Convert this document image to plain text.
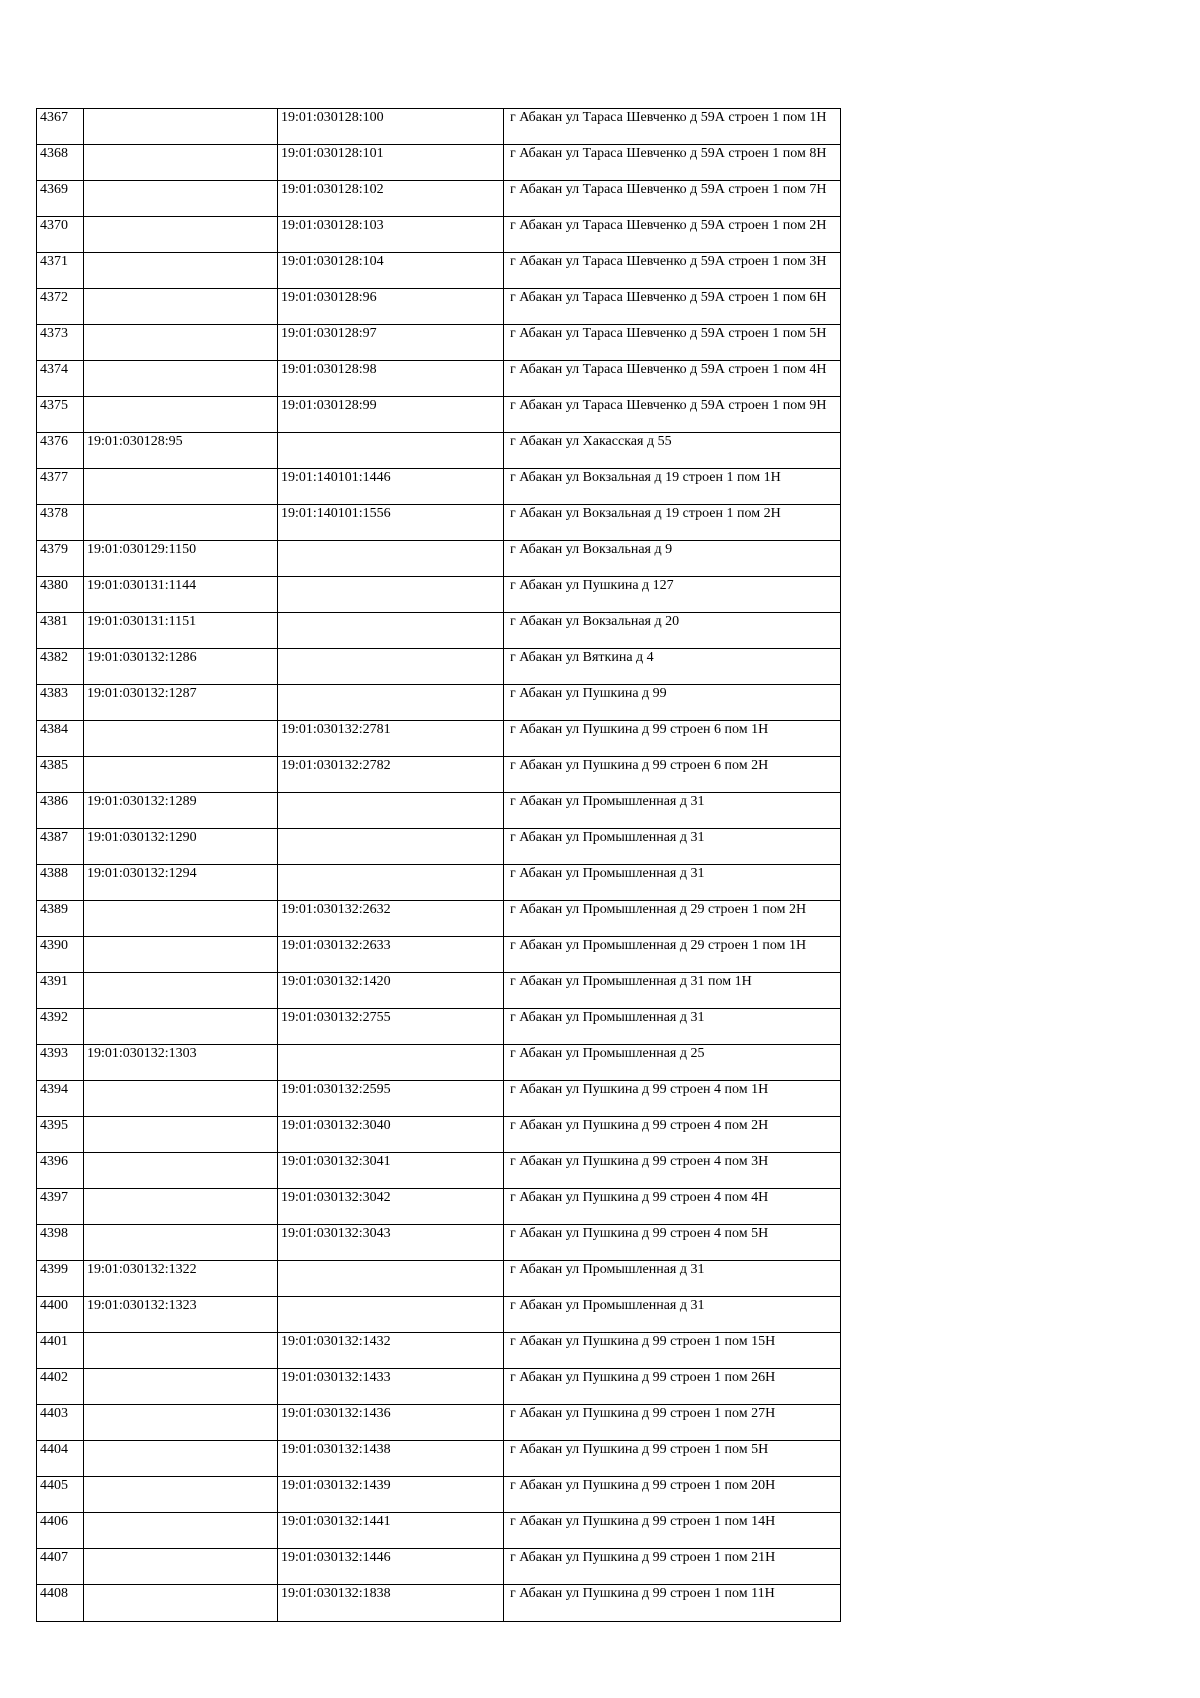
4367		19:01:030128:100	г Абакан ул Тараса Шевченко д 59А строен 1 пом 1Н
4368		19:01:030128:101	г Абакан ул Тараса Шевченко д 59А строен 1 пом 8Н
4369		19:01:030128:102	г Абакан ул Тараса Шевченко д 59А строен 1 пом 7Н
4370		19:01:030128:103	г Абакан ул Тараса Шевченко д 59А строен 1 пом 2Н
4371		19:01:030128:104	г Абакан ул Тараса Шевченко д 59А строен 1 пом 3Н
4372		19:01:030128:96	г Абакан ул Тараса Шевченко д 59А строен 1 пом 6Н
4373		19:01:030128:97	г Абакан ул Тараса Шевченко д 59А строен 1 пом 5Н
4374		19:01:030128:98	г Абакан ул Тараса Шевченко д 59А строен 1 пом 4Н
4375		19:01:030128:99	г Абакан ул Тараса Шевченко д 59А строен 1 пом 9Н
4376	19:01:030128:95		г Абакан ул Хакасская д 55
4377		19:01:140101:1446	г Абакан ул Вокзальная д 19 строен 1 пом 1Н
4378		19:01:140101:1556	г Абакан ул Вокзальная д 19 строен 1 пом 2Н
4379	19:01:030129:1150		г Абакан ул Вокзальная д 9
4380	19:01:030131:1144		г Абакан ул Пушкина д 127
4381	19:01:030131:1151		г Абакан ул Вокзальная д 20
4382	19:01:030132:1286		г Абакан ул Вяткина д 4
4383	19:01:030132:1287		г Абакан ул Пушкина д 99
4384		19:01:030132:2781	г Абакан ул Пушкина д 99 строен 6 пом 1Н
4385		19:01:030132:2782	г Абакан ул Пушкина д 99 строен 6 пом 2Н
4386	19:01:030132:1289		г Абакан ул Промышленная д 31
4387	19:01:030132:1290		г Абакан ул Промышленная д 31
4388	19:01:030132:1294		г Абакан ул Промышленная д 31
4389		19:01:030132:2632	г Абакан ул Промышленная д 29 строен 1 пом 2Н
4390		19:01:030132:2633	г Абакан ул Промышленная д 29 строен 1 пом 1Н
4391		19:01:030132:1420	г Абакан ул Промышленная д 31 пом 1Н
4392		19:01:030132:2755	г Абакан ул Промышленная д 31
4393	19:01:030132:1303		г Абакан ул Промышленная д 25
4394		19:01:030132:2595	г Абакан ул Пушкина д 99 строен 4 пом 1Н
4395		19:01:030132:3040	г Абакан ул Пушкина д 99 строен 4 пом 2Н
4396		19:01:030132:3041	г Абакан ул Пушкина д 99 строен 4 пом 3Н
4397		19:01:030132:3042	г Абакан ул Пушкина д 99 строен 4 пом 4Н
4398		19:01:030132:3043	г Абакан ул Пушкина д 99 строен 4 пом 5Н
4399	19:01:030132:1322		г Абакан ул Промышленная д 31
4400	19:01:030132:1323		г Абакан ул Промышленная д 31
4401		19:01:030132:1432	г Абакан ул Пушкина д 99 строен 1 пом 15Н
4402		19:01:030132:1433	г Абакан ул Пушкина д 99 строен 1 пом 26Н
4403		19:01:030132:1436	г Абакан ул Пушкина д 99 строен 1 пом 27Н
4404		19:01:030132:1438	г Абакан ул Пушкина д 99 строен 1 пом 5Н
4405		19:01:030132:1439	г Абакан ул Пушкина д 99 строен 1 пом 20Н
4406		19:01:030132:1441	г Абакан ул Пушкина д 99 строен 1 пом 14Н
4407		19:01:030132:1446	г Абакан ул Пушкина д 99 строен 1 пом 21Н
4408		19:01:030132:1838	г Абакан ул Пушкина д 99 строен 1 пом 11Н
